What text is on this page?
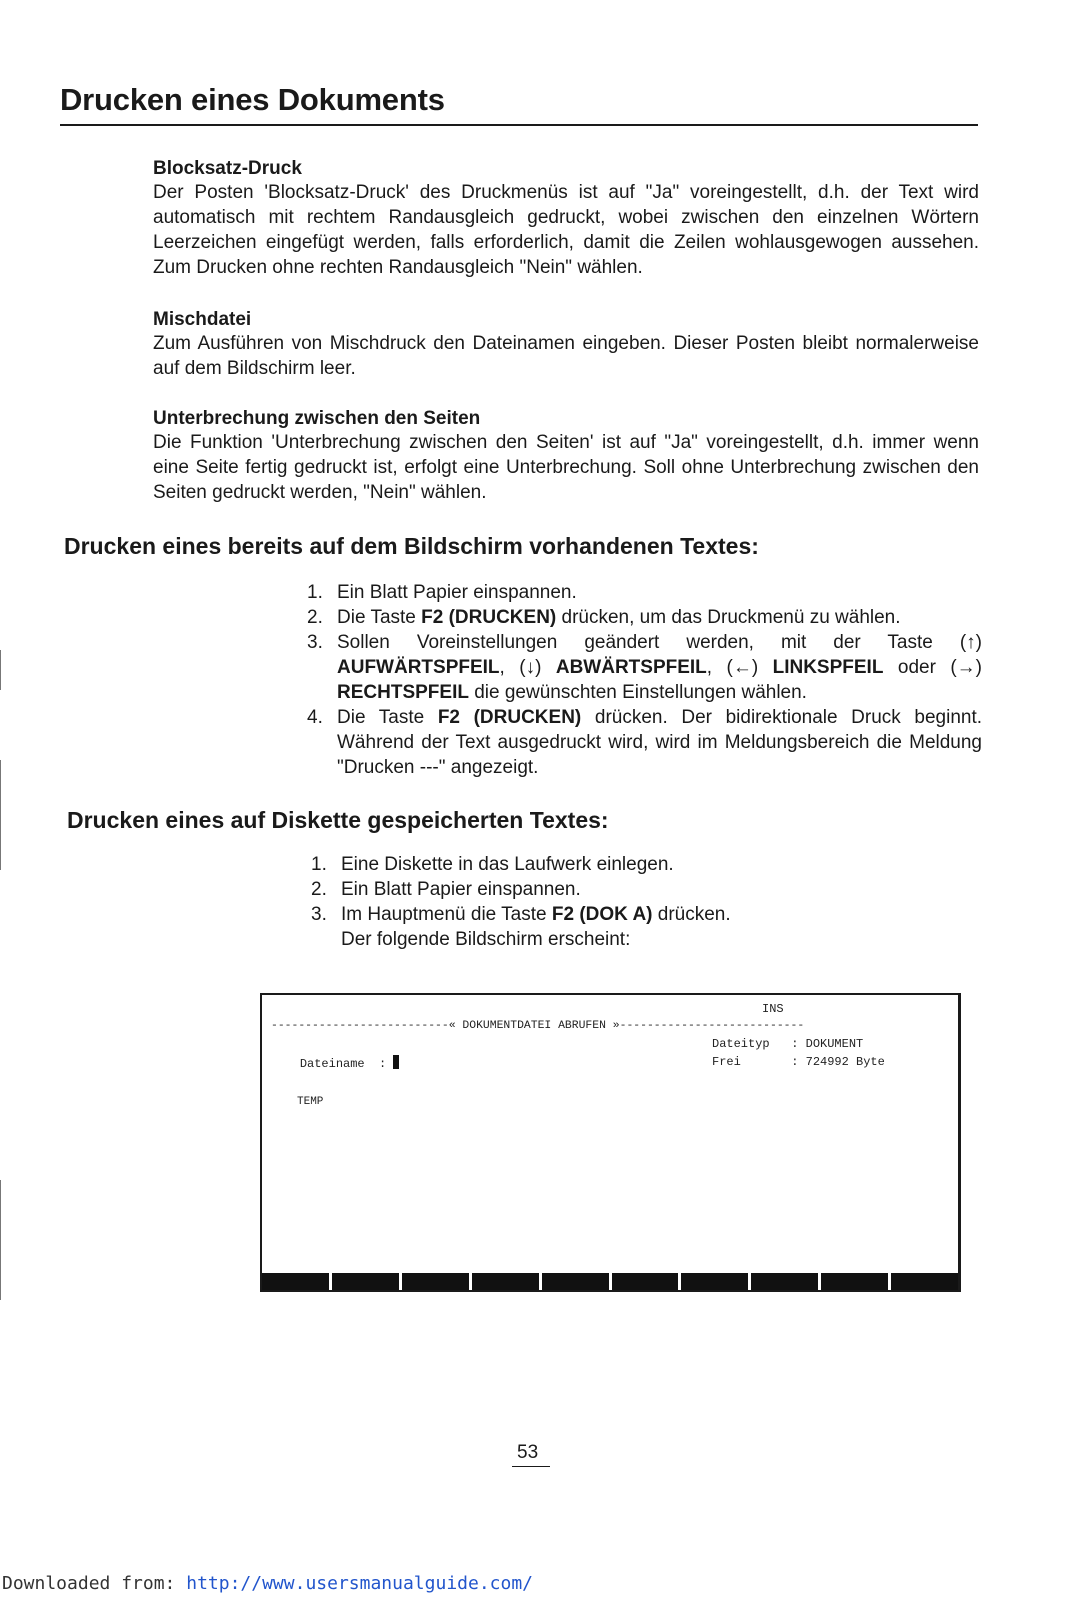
Drucken eines Dokuments
Blocksatz-Druck
Der Posten 'Blocksatz-Druck' des Druckmenüs ist auf "Ja" voreingestellt, d.h. der Text wird automatisch mit rechtem Randausgleich gedruckt, wobei zwischen den einzelnen Wörtern Leerzeichen eingefügt werden, falls erforderlich, damit die Zeilen wohlausgewogen aussehen. Zum Drucken ohne rechten Randausgleich "Nein" wählen.
Mischdatei
Zum Ausführen von Mischdruck den Dateinamen eingeben. Dieser Posten bleibt normalerweise auf dem Bildschirm leer.
Unterbrechung zwischen den Seiten
Die Funktion 'Unterbrechung zwischen den Seiten' ist auf "Ja" voreingestellt, d.h. immer wenn eine Seite fertig gedruckt ist, erfolgt eine Unterbrechung. Soll ohne Unterbrechung zwischen den Seiten gedruckt werden, "Nein" wählen.
Drucken eines bereits auf dem Bildschirm vorhandenen Textes:
1. Ein Blatt Papier einspannen.
2. Die Taste F2 (DRUCKEN) drücken, um das Druckmenü zu wählen.
3. Sollen Voreinstellungen geändert werden, mit der Taste (↑) AUFWÄRTSPFEIL, (↓) ABWÄRTSPFEIL, (←) LINKSPFEIL oder (→) RECHTSPFEIL die gewünschten Einstellungen wählen.
4. Die Taste F2 (DRUCKEN) drücken. Der bidirektionale Druck beginnt. Während der Text ausgedruckt wird, wird im Meldungsbereich die Meldung "Drucken ---" angezeigt.
Drucken eines auf Diskette gespeicherten Textes:
1. Eine Diskette in das Laufwerk einlegen.
2. Ein Blatt Papier einspannen.
3. Im Hauptmenü die Taste F2 (DOK A) drücken.
Der folgende Bildschirm erscheint:
INS
--------------------------« DOKUMENTDATEI ABRUFEN »---------------------------

Dateiname  :

Dateityp   : DOKUMENT
Frei       : 724992 Byte
TEMP
53
Downloaded from: http://www.usersmanualguide.com/
